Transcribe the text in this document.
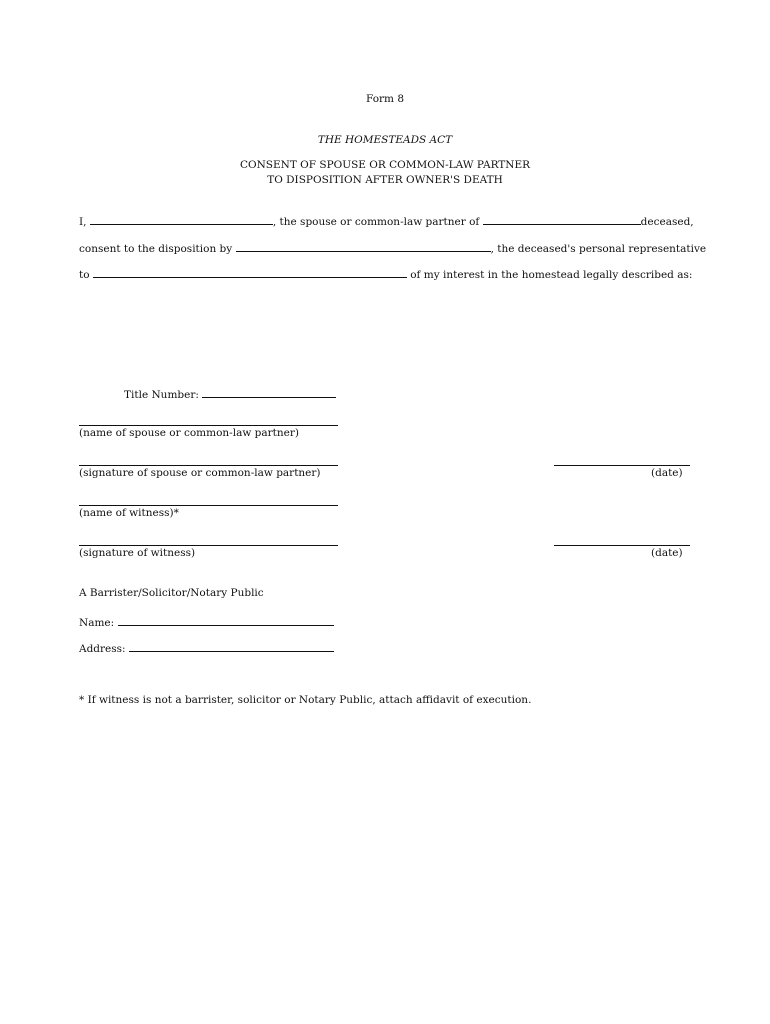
Form 8
THE HOMESTEADS ACT
CONSENT OF SPOUSE OR COMMON-LAW PARTNER
TO DISPOSITION AFTER OWNER'S DEATH
I,	, the spouse or common-law partner of	deceased,
consent to the disposition by	, the deceased's personal representative
to	of my interest in the homestead legally described as:
Title Number:
(name of spouse or common-law partner)
(signature of spouse or common-law partner)	(date)
(name of witness)*
(signature of witness)	(date)
A Barrister/Solicitor/Notary Public
Name:
Address:
* If witness is not a barrister, solicitor or Notary Public, attach affidavit of execution.
